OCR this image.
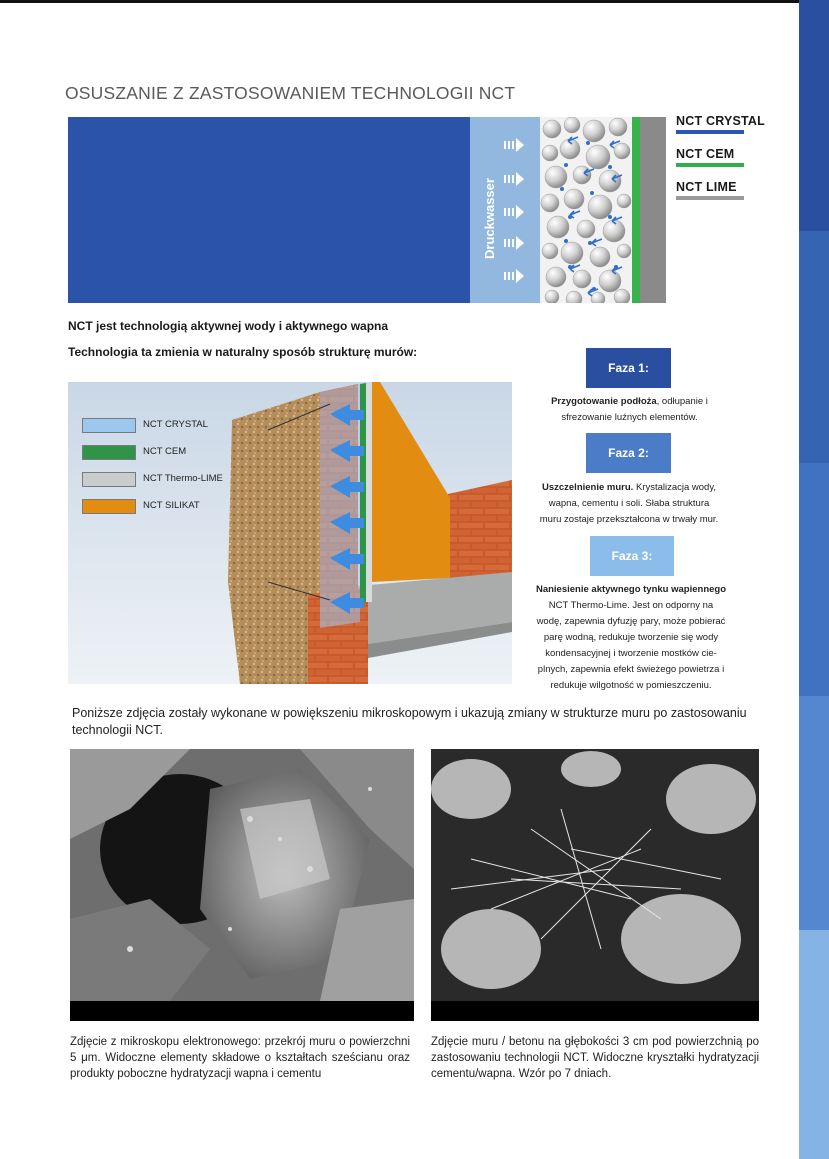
OSUSZANIE Z ZASTOSOWANIEM TECHNOLOGII NCT
Druckwasser
NCT CRYSTAL
NCT CEM
NCT LIME
NCT jest technologią aktywnej wody i aktywnego wapna
Technologia ta zmienia w naturalny sposób strukturę murów:
NCT CRYSTAL
NCT CEM
NCT Thermo-LIME
NCT SILIKAT
Faza 1:
Przygotowanie podłoża, odłupanie i
sfrezowanie luźnych elementów.
Faza 2:
Uszczelnienie muru. Krystalizacja wody,
wapna, cementu i soli. Słaba struktura
muru zostaje przekształcona w trwały mur.
Faza 3:
Naniesienie aktywnego tynku wapiennego
NCT Thermo-Lime. Jest on odporny na
wodę, zapewnia dyfuzję pary, może pobierać
parę wodną, redukuje tworzenie się wody
kondensacyjnej i tworzenie mostków cie-
plnych, zapewnia efekt świeżego powietrza i
redukuje wilgotność w pomieszczeniu.
Poniższe zdjęcia zostały wykonane w powiększeniu mikroskopowym i ukazują zmiany w strukturze muru po zastosowaniu technologii NCT.

Zdjęcie z mikroskopu elektronowego: przekrój muru o powierzchni 5 μm. Widoczne elementy składowe o kształtach sześcianu oraz produkty poboczne hydratyzacji wapna i cementu
Zdjęcie muru / betonu na głębokości 3 cm pod powierzchnią po zastosowaniu technologii NCT. Widoczne kryształki hydratyzacji cementu/wapna. Wzór po 7 dniach.
